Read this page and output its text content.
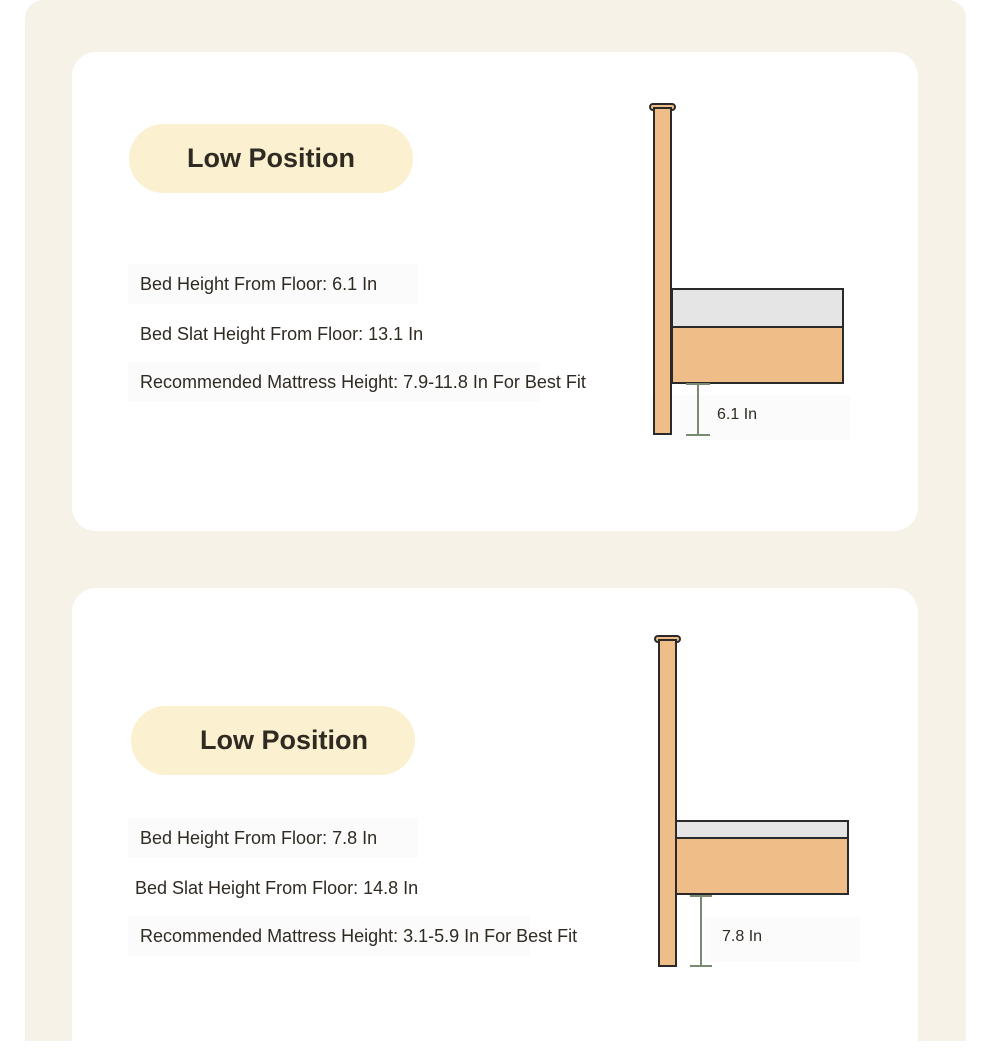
Low Position
Bed Height From Floor: 6.1 In
Bed Slat Height From Floor: 13.1 In
Recommended Mattress Height: 7.9-11.8 In For Best Fit
6.1 In
Low Position
Bed Height From Floor: 7.8 In
Bed Slat Height From Floor: 14.8 In
Recommended Mattress Height: 3.1-5.9 In For Best Fit	7.8 In
